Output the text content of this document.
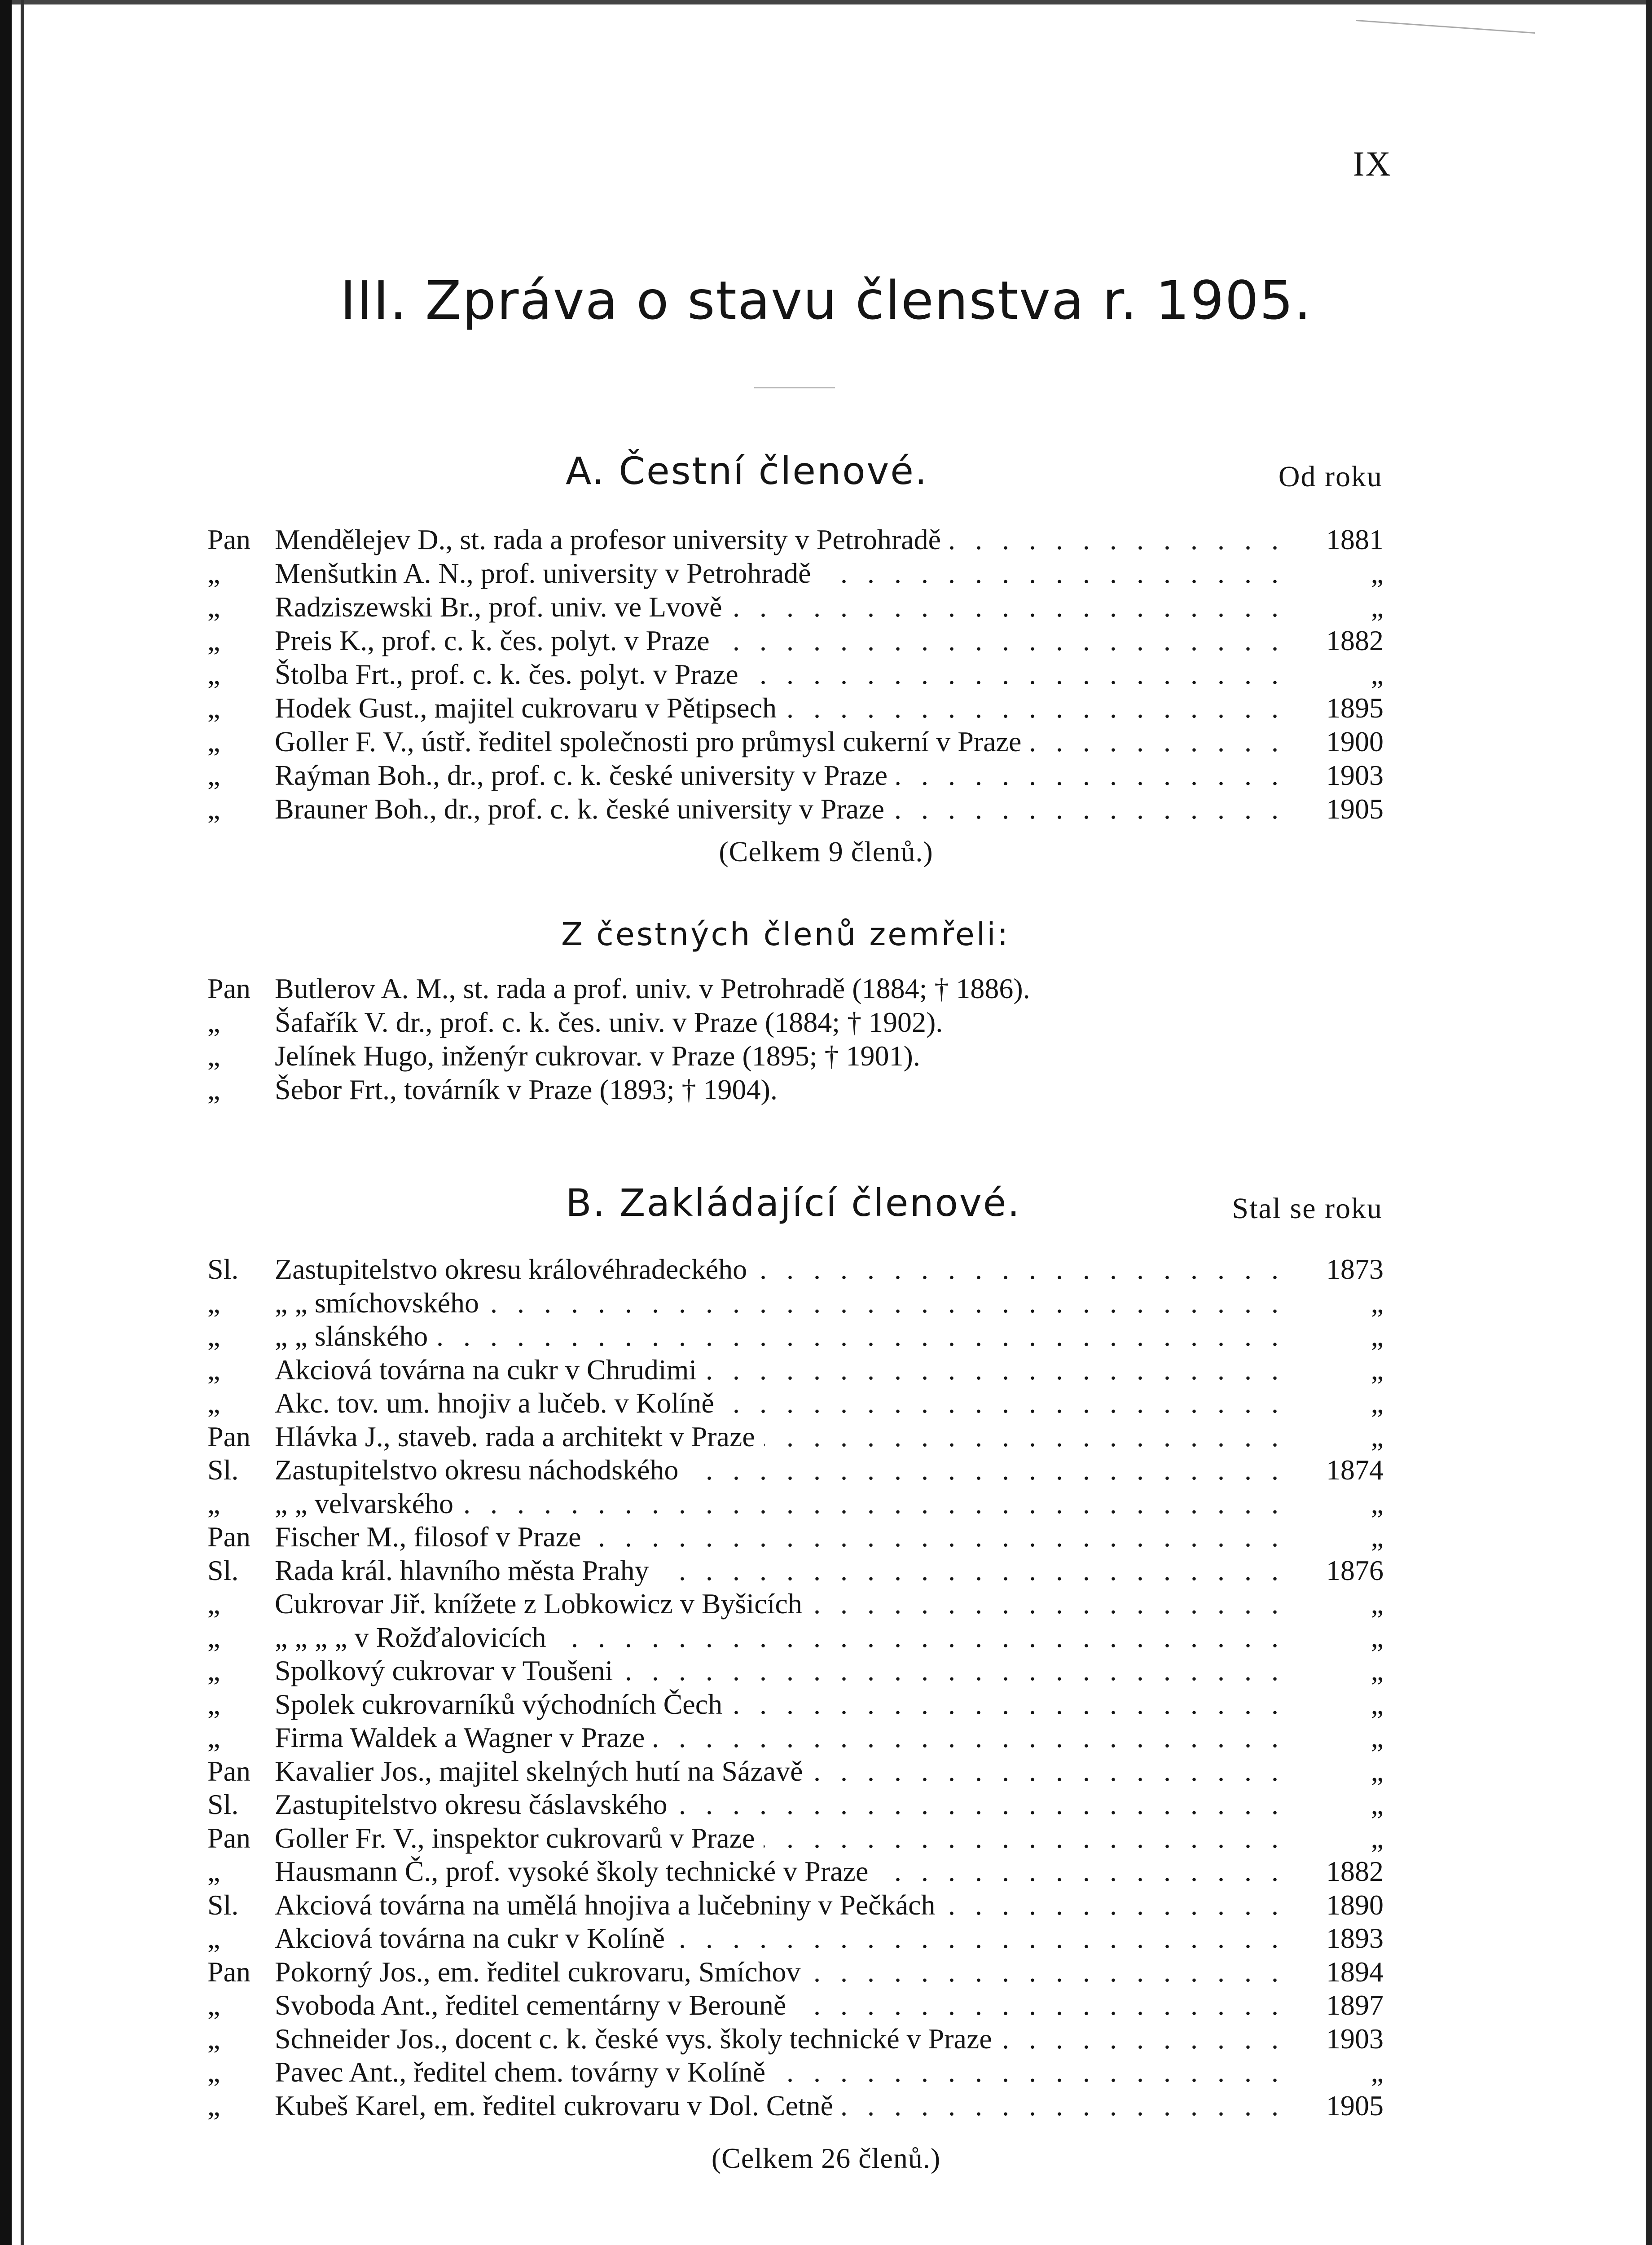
IX
III. Zpráva o stavu členstva r. 1905.
A. Čestní členové.	Od roku
Pan Mendělejev D., st. rada a profesor university v Petrohradě . . .	1881
„	Menšutkin A. N., prof. university v Petrohradě . . .	„
„	Radziszewski Br., prof. univ. ve Lvově . . .	„
„	Preis K., prof. c. k. čes. polyt. v Praze . . .	1882
„	Štolba Frt., prof. c. k. čes. polyt. v Praze . . .	„
„	Hodek Gust., majitel cukrovaru v Pětipsech . . .	1895
„	Goller F. V., ústř. ředitel společnosti pro průmysl cukerní v Praze . . .	1900
„	Raýman Boh., dr., prof. c. k. české university v Praze . . .	1903
„	Brauner Boh., dr., prof. c. k. české university v Praze . . .	1905
(Celkem 9 členů.)
Z čestných členů zemřeli:
Pan Butlerov A. M., st. rada a prof. univ. v Petrohradě (1884; † 1886).
„	Šafařík V. dr., prof. c. k. čes. univ. v Praze (1884; † 1902).
„	Jelínek Hugo, inženýr cukrovar. v Praze (1895; † 1901).
„	Šebor Frt., továrník v Praze (1893; † 1904).
B. Zakládající členové.	Stal se roku
Sl.	Zastupitelstvo okresu královéhradeckého . . .	1873
„	„ „ smíchovského . . .	„
„	„ „ slánského . . .	„
„	Akciová továrna na cukr v Chrudimi . . .	„
„	Akc. tov. um. hnojiv a lučeb. v Kolíně . . .	„
Pan Hlávka J., staveb. rada a architekt v Praze . . .	„
Sl.	Zastupitelstvo okresu náchodského . . .	1874
„	„ „ velvarského . . .	„
Pan Fischer M., filosof v Praze . . .	„
Sl.	Rada král. hlavního města Prahy . . .	1876
„	Cukrovar Jiř. knížete z Lobkowicz v Byšicích . . .	„
„	„ „ „ „ v Rožďalovicích . . .	„
„	Spolkový cukrovar v Toušeni . . .	„
„	Spolek cukrovarníků východních Čech . . .	„
„	Firma Waldek a Wagner v Praze . . .	„
Pan Kavalier Jos., majitel skelných hutí na Sázavě . . .	„
Sl.	Zastupitelstvo okresu čáslavského . . .	„
Pan Goller Fr. V., inspektor cukrovarů v Praze . . .	„
„	Hausmann Č., prof. vysoké školy technické v Praze . . .	1882
Sl.	Akciová továrna na umělá hnojiva a lučebniny v Pečkách . . .	1890
„	Akciová továrna na cukr v Kolíně . . .	1893
Pan Pokorný Jos., em. ředitel cukrovaru, Smíchov . . .	1894
„	Svoboda Ant., ředitel cementárny v Berouně . . .	1897
„	Schneider Jos., docent c. k. české vys. školy technické v Praze . . .	1903
„	Pavec Ant., ředitel chem. továrny v Kolíně . . .	„
„	Kubeš Karel, em. ředitel cukrovaru v Dol. Cetně . . .	1905
(Celkem 26 členů.)
